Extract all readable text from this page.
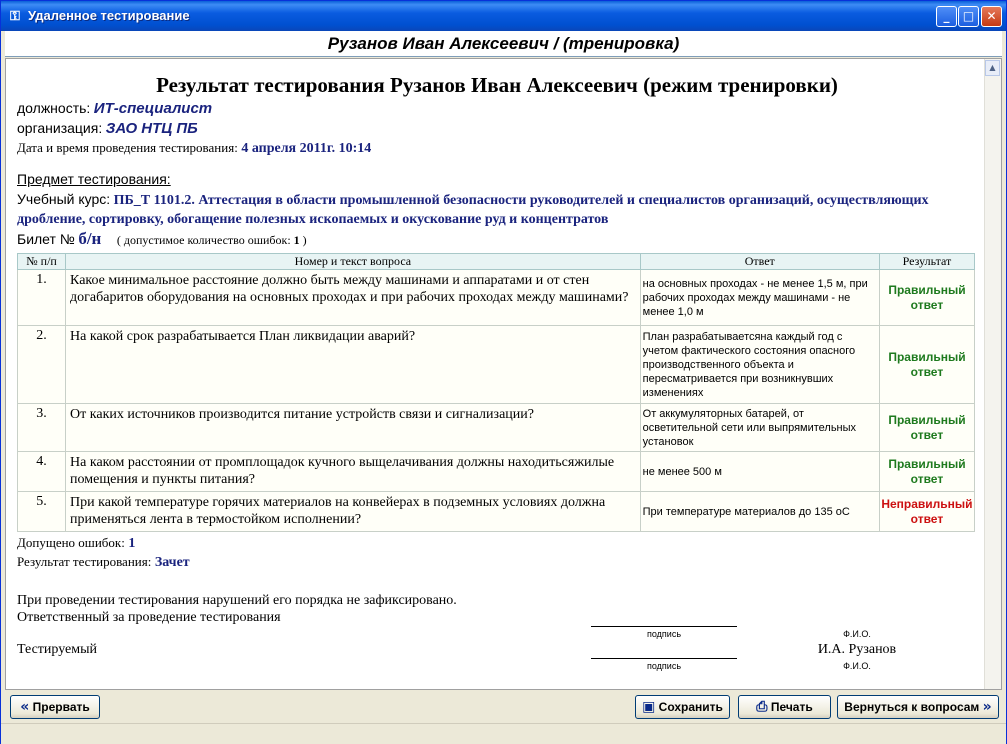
⚿ Удаленное тестирование	_	□	✕
Рузанов Иван Алексеевич / (тренировка)
▲
Результат тестирования Рузанов Иван Алексеевич (режим тренировки)
должность: ИТ-специалист
организация: ЗАО НТЦ ПБ
Дата и время проведения тестирования: 4 апреля 2011г. 10:14
Предмет тестирования:
Учебный курс: ПБ_Т 1101.2. Аттестация в области промышленной безопасности руководителей и специалистов организаций, осуществляющих дробление, сортировку, обогащение полезных ископаемых и окускование руд и концентратов
Билет № б/н ( допустимое количество ошибок: 1 )
№ п/п	Номер и текст вопроса	Ответ	Результат
1.	Какое минимальное расстояние должно быть между машинами и аппаратами и от стен догабаритов оборудования на основных проходах и при рабочих проходах между машинами?	на основных проходах - не менее 1,5 м, при рабочих проходах между машинами - не менее 1,0 м	Правильный ответ
2.	На какой срок разрабатывается План ликвидации аварий?	План разрабатываетсяна каждый год с учетом фактического состояния опасного производственного объекта и пересматривается при возникнувших изменениях	Правильный ответ
3.	От каких источников производится питание устройств связи и сигнализации?	От аккумуляторных батарей, от осветительной сети или выпрямительных установок	Правильный ответ
4.	На каком расстоянии от промплощадок кучного выщелачивания должны находитьсяжилые помещения и пункты питания?	не менее 500 м	Правильный ответ
5.	При какой температуре горячих материалов на конвейерах в подземных условиях должна применяться лента в термостойком исполнении?	При температуре материалов до 135 оС	Неправильный ответ
Допущено ошибок: 1
Результат тестирования: Зачет
При проведении тестирования нарушений его порядка не зафиксировано.
Ответственный за проведение тестирования
подпись	Ф.И.О.
Тестируемый
подпись
И.А. Рузанов
Ф.И.О.
« Прервать	▣ Сохранить	⎙ Печать	Вернуться к вопросам »
